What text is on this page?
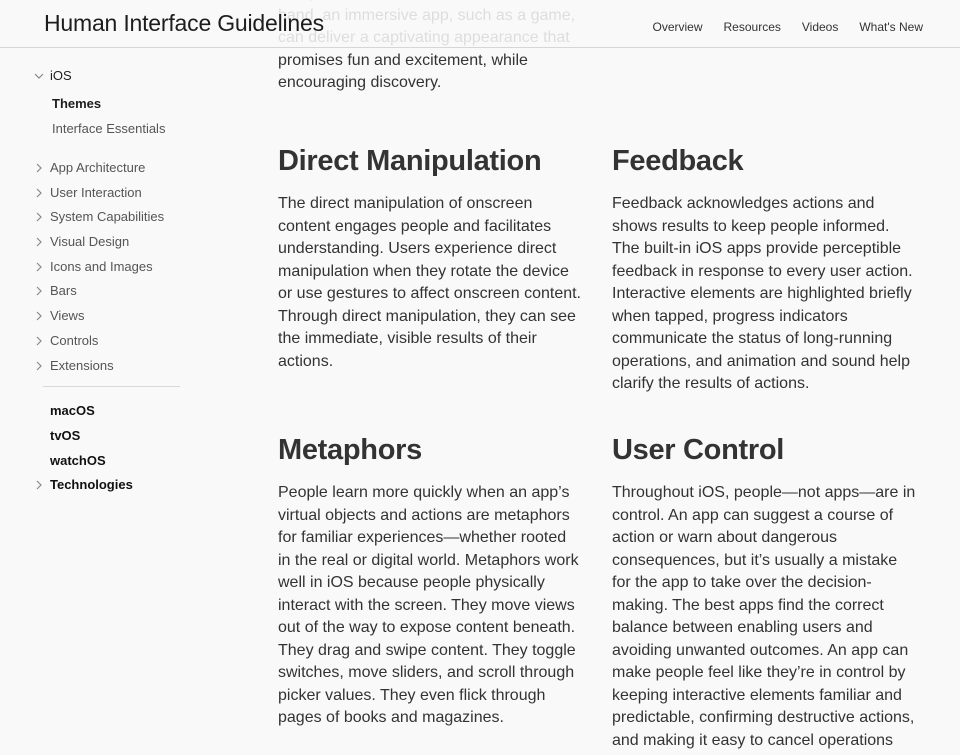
promises fun and excitement, while encouraging discovery.

Direct Manipulation

The direct manipulation of onscreen content engages people and facilitates understanding. Users experience direct manipulation when they rotate the device or use gestures to affect onscreen content. Through direct manipulation, they can see the immediate, visible results of their actions.

Feedback

Feedback acknowledges actions and shows results to keep people informed. The built-in iOS apps provide perceptible feedback in response to every user action. Interactive elements are highlighted briefly when tapped, progress indicators communicate the status of long-running operations, and animation and sound help clarify the results of actions.

Metaphors

People learn more quickly when an app’s virtual objects and actions are metaphors for familiar experiences—whether rooted in the real or digital world. Metaphors work well in iOS because people physically interact with the screen. They move views out of the way to expose content beneath. They drag and swipe content. They toggle switches, move sliders, and scroll through picker values. They even flick through pages of books and magazines.

User Control

Throughout iOS, people—not apps—are in control. An app can suggest a course of action or warn about dangerous consequences, but it’s usually a mistake for the app to take over the decision-making. The best apps find the correct balance between enabling users and avoiding unwanted outcomes. An app can make people feel like they’re in control by keeping interactive elements familiar and predictable, confirming destructive actions, and making it easy to cancel operations

Human Interface Guidelines	Overview Resources Videos What's New
iOS
Themes
Interface Essentials
App Architecture
User Interaction
System Capabilities
Visual Design
Icons and Images
Bars
Views
Controls
Extensions
macOS
tvOS
watchOS
Technologies
